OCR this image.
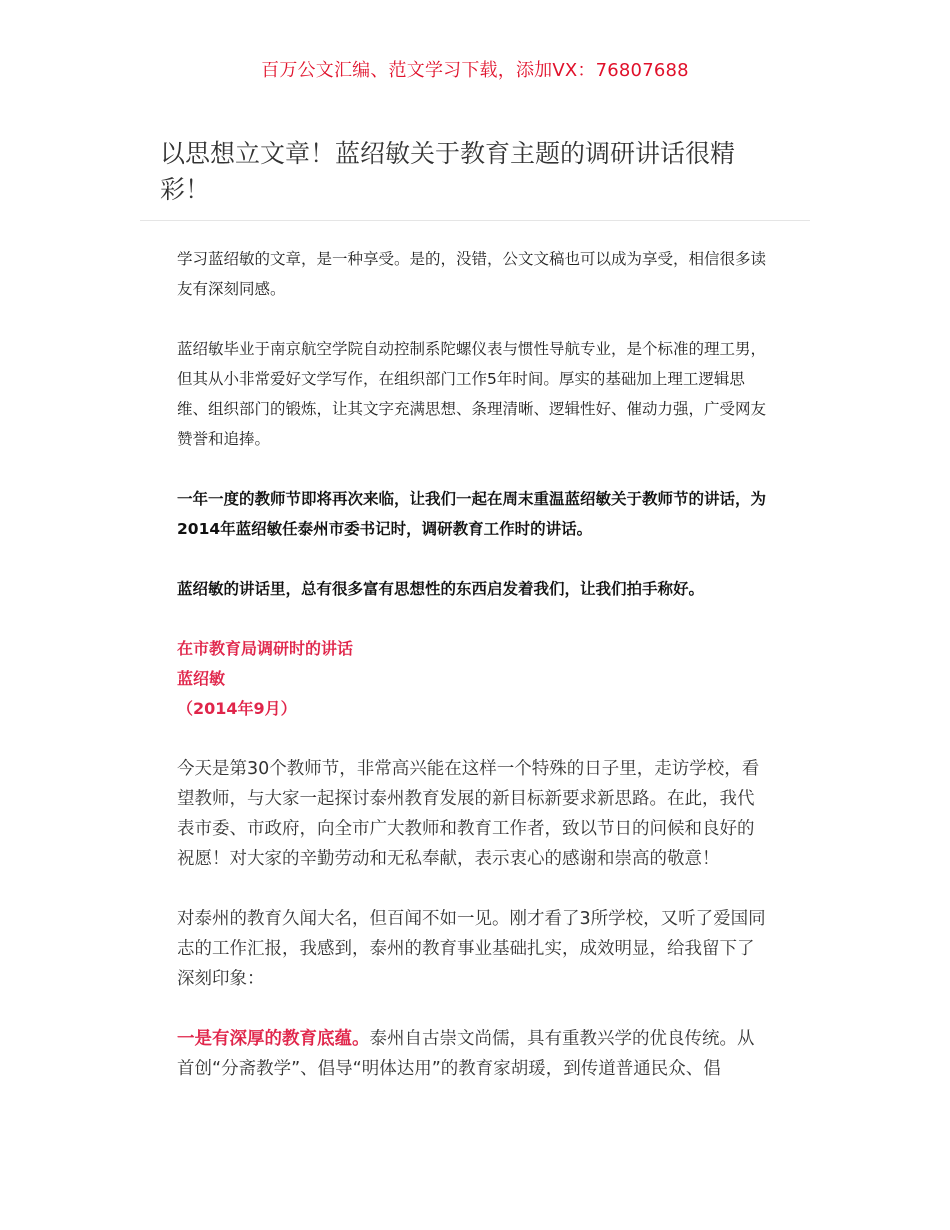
百万公文汇编、范文学习下载，添加VX：76807688
以思想立文章！蓝绍敏关于教育主题的调研讲话很精彩！

学习蓝绍敏的文章，是一种享受。是的，没错，公文文稿也可以成为享受，相信很多读友有深刻同感。

蓝绍敏毕业于南京航空学院自动控制系陀螺仪表与惯性导航专业，是个标准的理工男，但其从小非常爱好文学写作，在组织部门工作5年时间。厚实的基础加上理工逻辑思维、组织部门的锻炼，让其文字充满思想、条理清晰、逻辑性好、催动力强，广受网友赞誉和追捧。

一年一度的教师节即将再次来临，让我们一起在周末重温蓝绍敏关于教师节的讲话，为2014年蓝绍敏任泰州市委书记时，调研教育工作时的讲话。

蓝绍敏的讲话里，总有很多富有思想性的东西启发着我们，让我们拍手称好。

在市教育局调研时的讲话
蓝绍敏
（2014年9月）

今天是第30个教师节，非常高兴能在这样一个特殊的日子里，走访学校，看望教师，与大家一起探讨泰州教育发展的新目标新要求新思路。在此，我代表市委、市政府，向全市广大教师和教育工作者，致以节日的问候和良好的祝愿！对大家的辛勤劳动和无私奉献，表示衷心的感谢和崇高的敬意！

对泰州的教育久闻大名，但百闻不如一见。刚才看了3所学校，又听了爱国同志的工作汇报，我感到，泰州的教育事业基础扎实，成效明显，给我留下了深刻印象：

一是有深厚的教育底蕴。泰州自古崇文尚儒，具有重教兴学的优良传统。从首创“分斋教学”、倡导“明体达用”的教育家胡瑗，到传道普通民众、倡
